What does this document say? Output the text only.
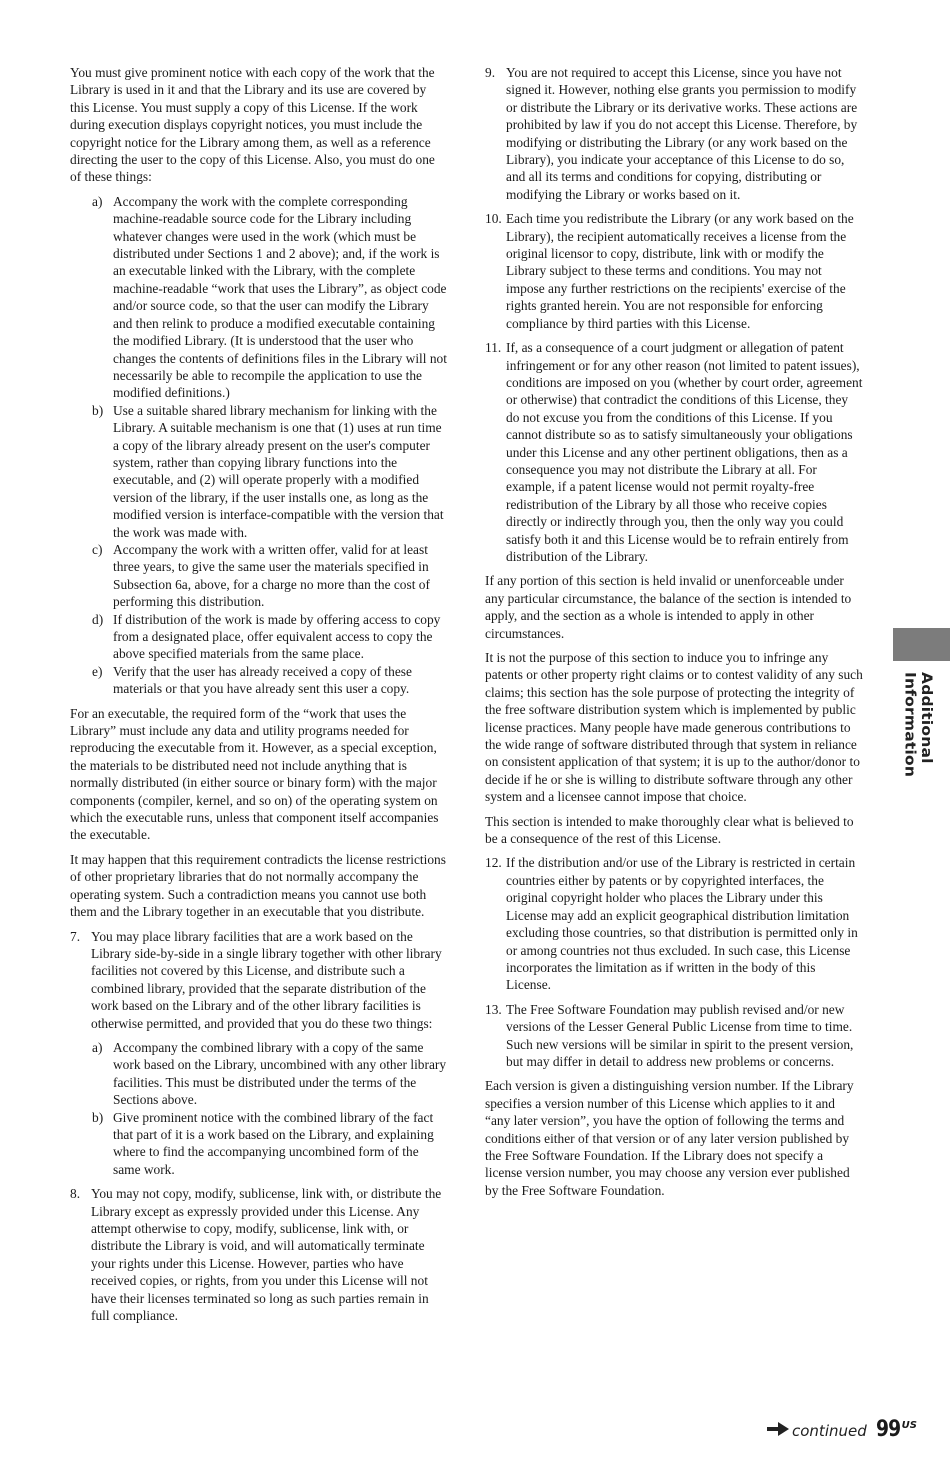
You must give prominent notice with each copy of the work that the Library is used in it and that the Library and its use are covered by this License. You must supply a copy of this License. If the work during execution displays copyright notices, you must include the copyright notice for the Library among them, as well as a reference directing the user to the copy of this License. Also, you must do one of these things:

a) Accompany the work with the complete corresponding machine-readable source code for the Library including whatever changes were used in the work (which must be distributed under Sections 1 and 2 above); and, if the work is an executable linked with the Library, with the complete machine-readable “work that uses the Library”, as object code and/or source code, so that the user can modify the Library and then relink to produce a modified executable containing the modified Library. (It is understood that the user who changes the contents of definitions files in the Library will not necessarily be able to recompile the application to use the modified definitions.)
b) Use a suitable shared library mechanism for linking with the Library. A suitable mechanism is one that (1) uses at run time a copy of the library already present on the user's computer system, rather than copying library functions into the executable, and (2) will operate properly with a modified version of the library, if the user installs one, as long as the modified version is interface-compatible with the version that the work was made with.
c) Accompany the work with a written offer, valid for at least three years, to give the same user the materials specified in Subsection 6a, above, for a charge no more than the cost of performing this distribution.
d) If distribution of the work is made by offering access to copy from a designated place, offer equivalent access to copy the above specified materials from the same place.
e) Verify that the user has already received a copy of these materials or that you have already sent this user a copy.

For an executable, the required form of the “work that uses the Library” must include any data and utility programs needed for reproducing the executable from it. However, as a special exception, the materials to be distributed need not include anything that is normally distributed (in either source or binary form) with the major components (compiler, kernel, and so on) of the operating system on which the executable runs, unless that component itself accompanies the executable.

It may happen that this requirement contradicts the license restrictions of other proprietary libraries that do not normally accompany the operating system. Such a contradiction means you cannot use both them and the Library together in an executable that you distribute.

7. You may place library facilities that are a work based on the Library side-by-side in a single library together with other library facilities not covered by this License, and distribute such a combined library, provided that the separate distribution of the work based on the Library and of the other library facilities is otherwise permitted, and provided that you do these two things:
a) Accompany the combined library with a copy of the same work based on the Library, uncombined with any other library facilities. This must be distributed under the terms of the Sections above.
b) Give prominent notice with the combined library of the fact that part of it is a work based on the Library, and explaining where to find the accompanying uncombined form of the same work.
8. You may not copy, modify, sublicense, link with, or distribute the Library except as expressly provided under this License. Any attempt otherwise to copy, modify, sublicense, link with, or distribute the Library is void, and will automatically terminate your rights under this License. However, parties who have received copies, or rights, from you under this License will not have their licenses terminated so long as such parties remain in full compliance.
9. You are not required to accept this License, since you have not signed it. However, nothing else grants you permission to modify or distribute the Library or its derivative works. These actions are prohibited by law if you do not accept this License. Therefore, by modifying or distributing the Library (or any work based on the Library), you indicate your acceptance of this License to do so, and all its terms and conditions for copying, distributing or modifying the Library or works based on it.
10. Each time you redistribute the Library (or any work based on the Library), the recipient automatically receives a license from the original licensor to copy, distribute, link with or modify the Library subject to these terms and conditions. You may not impose any further restrictions on the recipients' exercise of the rights granted herein. You are not responsible for enforcing compliance by third parties with this License.
11. If, as a consequence of a court judgment or allegation of patent infringement or for any other reason (not limited to patent issues), conditions are imposed on you (whether by court order, agreement or otherwise) that contradict the conditions of this License, they do not excuse you from the conditions of this License. If you cannot distribute so as to satisfy simultaneously your obligations under this License and any other pertinent obligations, then as a consequence you may not distribute the Library at all. For example, if a patent license would not permit royalty-free redistribution of the Library by all those who receive copies directly or indirectly through you, then the only way you could satisfy both it and this License would be to refrain entirely from distribution of the Library.

If any portion of this section is held invalid or unenforceable under any particular circumstance, the balance of the section is intended to apply, and the section as a whole is intended to apply in other circumstances.

It is not the purpose of this section to induce you to infringe any patents or other property right claims or to contest validity of any such claims; this section has the sole purpose of protecting the integrity of the free software distribution system which is implemented by public license practices. Many people have made generous contributions to the wide range of software distributed through that system in reliance on consistent application of that system; it is up to the author/donor to decide if he or she is willing to distribute software through any other system and a licensee cannot impose that choice.

This section is intended to make thoroughly clear what is believed to be a consequence of the rest of this License.

12. If the distribution and/or use of the Library is restricted in certain countries either by patents or by copyrighted interfaces, the original copyright holder who places the Library under this License may add an explicit geographical distribution limitation excluding those countries, so that distribution is permitted only in or among countries not thus excluded. In such case, this License incorporates the limitation as if written in the body of this License.
13. The Free Software Foundation may publish revised and/or new versions of the Lesser General Public License from time to time. Such new versions will be similar in spirit to the present version, but may differ in detail to address new problems or concerns.

Each version is given a distinguishing version number. If the Library specifies a version number of this License which applies to it and “any later version”, you have the option of following the terms and conditions either of that version or of any later version published by the Free Software Foundation. If the Library does not specify a license version number, you may choose any version ever published by the Free Software Foundation.

Additional Information
continued 99 US
